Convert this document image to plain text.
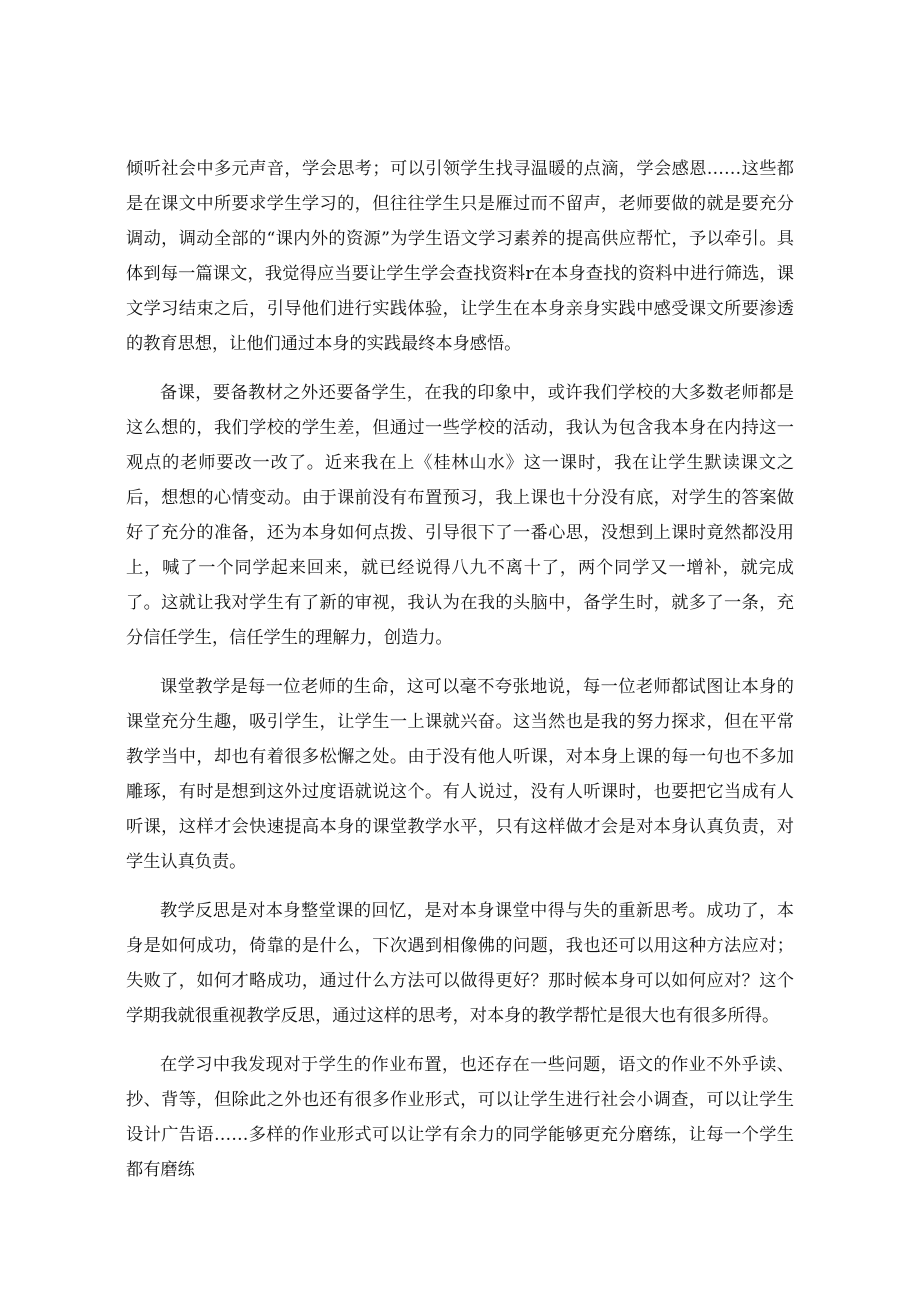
倾听社会中多元声音，学会思考；可以引领学生找寻温暖的点滴，学会感恩……这些都是在课文中所要求学生学习的，但往往学生只是雁过而不留声，老师要做的就是要充分调动，调动全部的“课内外的资源”为学生语文学习素养的提高供应帮忙，予以牵引。具体到每一篇课文，我觉得应当要让学生学会查找资料r在本身查找的资料中进行筛选，课文学习结束之后，引导他们进行实践体验，让学生在本身亲身实践中感受课文所要渗透的教育思想，让他们通过本身的实践最终本身感悟。

备课，要备教材之外还要备学生，在我的印象中，或许我们学校的大多数老师都是这么想的，我们学校的学生差，但通过一些学校的活动，我认为包含我本身在内持这一观点的老师要改一改了。近来我在上《桂林山水》这一课时，我在让学生默读课文之后，想想的心情变动。由于课前没有布置预习，我上课也十分没有底，对学生的答案做好了充分的准备，还为本身如何点拨、引导很下了一番心思，没想到上课时竟然都没用上，喊了一个同学起来回来，就已经说得八九不离十了，两个同学又一增补，就完成了。这就让我对学生有了新的审视，我认为在我的头脑中，备学生时，就多了一条，充分信任学生，信任学生的理解力，创造力。

课堂教学是每一位老师的生命，这可以毫不夸张地说，每一位老师都试图让本身的课堂充分生趣，吸引学生，让学生一上课就兴奋。这当然也是我的努力探求，但在平常教学当中，却也有着很多松懈之处。由于没有他人听课，对本身上课的每一句也不多加雕琢，有时是想到这外过度语就说这个。有人说过，没有人听课时，也要把它当成有人听课，这样才会快速提高本身的课堂教学水平，只有这样做才会是对本身认真负责，对学生认真负责。

教学反思是对本身整堂课的回忆，是对本身课堂中得与失的重新思考。成功了，本身是如何成功，倚靠的是什么，下次遇到相像佛的问题，我也还可以用这种方法应对；失败了，如何才略成功，通过什么方法可以做得更好？那时候本身可以如何应对？这个学期我就很重视教学反思，通过这样的思考，对本身的教学帮忙是很大也有很多所得。

在学习中我发现对于学生的作业布置，也还存在一些问题，语文的作业不外乎读、抄、背等，但除此之外也还有很多作业形式，可以让学生进行社会小调查，可以让学生设计广告语……多样的作业形式可以让学有余力的同学能够更充分磨练，让每一个学生都有磨练
